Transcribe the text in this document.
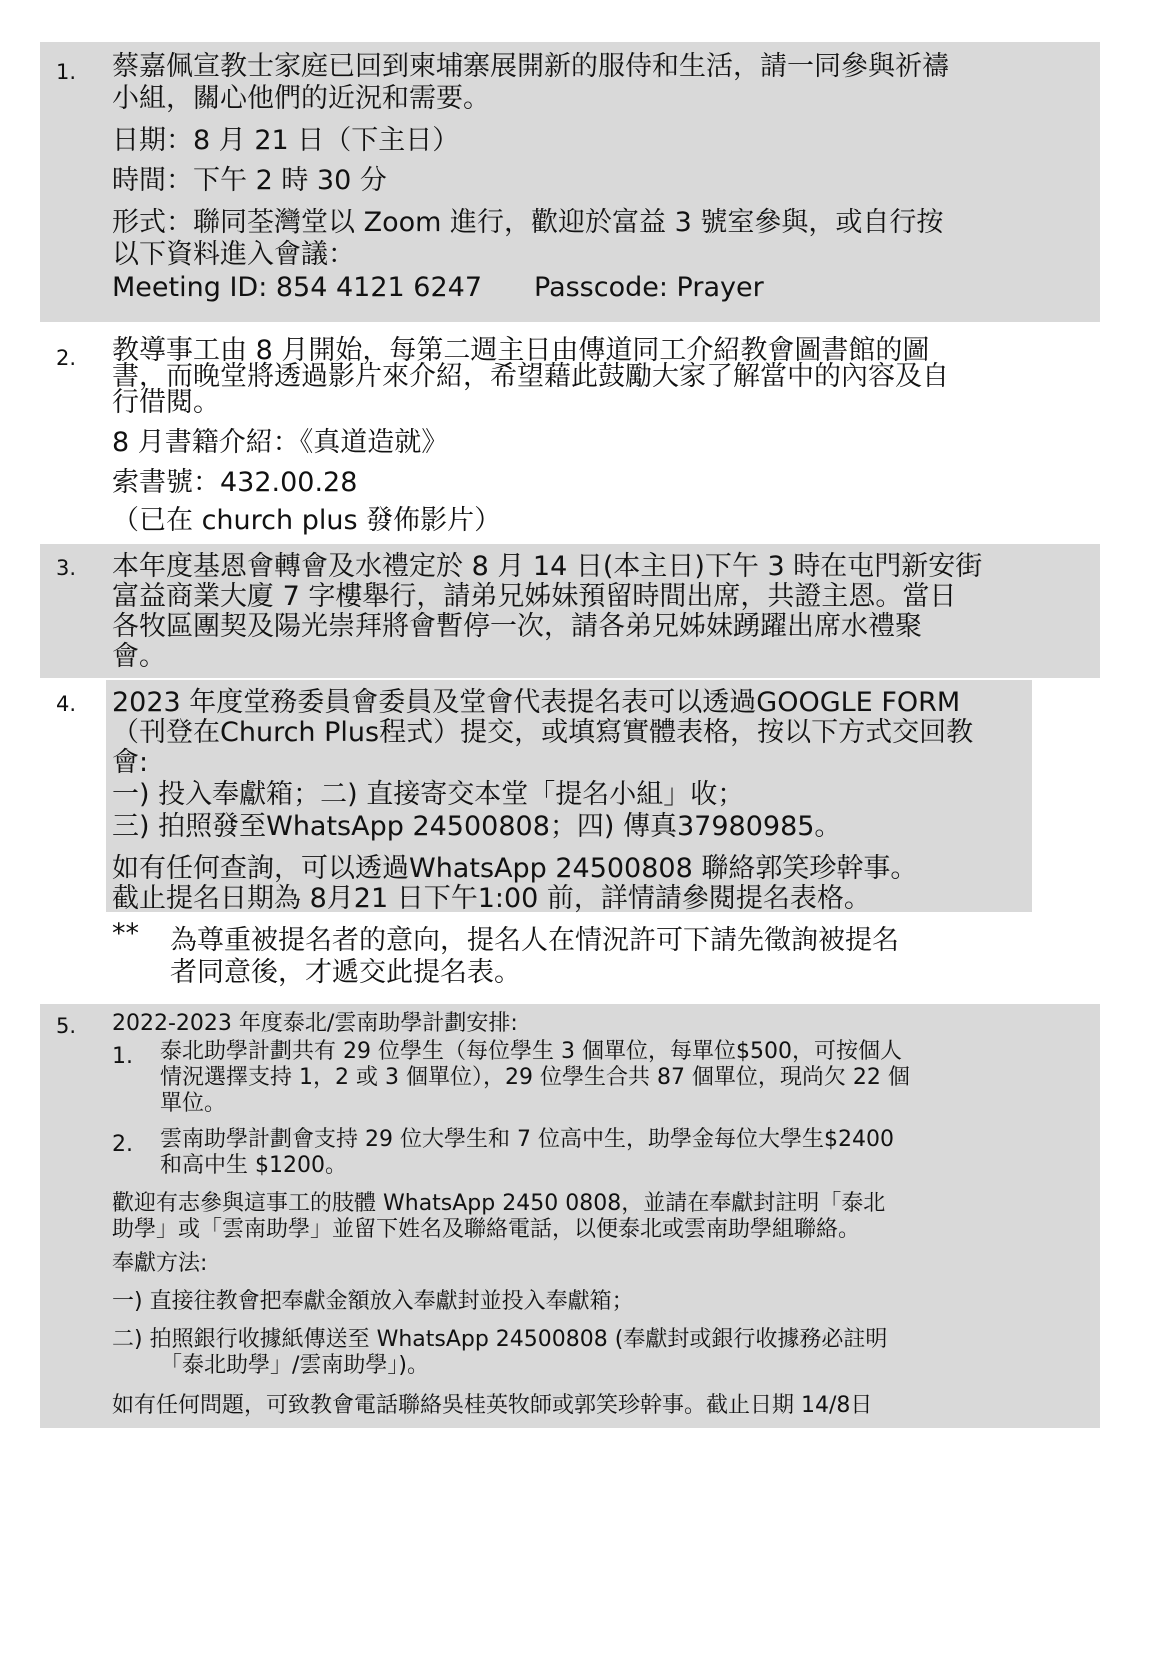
1. 蔡嘉佩宣教士家庭已回到柬埔寨展開新的服侍和生活，請一同參與祈禱
小組，關心他們的近況和需要。
日期：8 月 21 日（下主日）
時間：下午 2 時 30 分
形式：聯同荃灣堂以 Zoom 進行，歡迎於富益 3 號室參與，或自行按
以下資料進入會議：
Meeting ID: 854 4121 6247 Passcode: Prayer
2. 教導事工由 8 月開始，每第二週主日由傳道同工介紹教會圖書館的圖
書，而晚堂將透過影片來介紹，希望藉此鼓勵大家了解當中的內容及自
行借閱。
8 月書籍介紹：《真道造就》
索書號：432.00.28
（已在 church plus 發佈影片）
3. 本年度基恩會轉會及水禮定於 8 月 14 日(本主日)下午 3 時在屯門新安街
富益商業大廈 7 字樓舉行，請弟兄姊妹預留時間出席，共證主恩。當日
各牧區團契及陽光崇拜將會暫停一次，請各弟兄姊妹踴躍出席水禮聚
會。
4. 2023 年度堂務委員會委員及堂會代表提名表可以透過GOOGLE FORM
（刊登在Church Plus程式）提交，或填寫實體表格，按以下方式交回教
會:
一) 投入奉獻箱；二) 直接寄交本堂「提名小組」收；
三) 拍照發至WhatsApp 24500808；四) 傳真37980985。
如有任何查詢，可以透過WhatsApp 24500808 聯絡郭笑珍幹事。
截止提名日期為 8月21 日下午1:00 前，詳情請參閱提名表格。
** 為尊重被提名者的意向，提名人在情況許可下請先徵詢被提名
者同意後，才遞交此提名表。
5. 2022-2023 年度泰北/雲南助學計劃安排:
1. 泰北助學計劃共有 29 位學生（每位學生 3 個單位，每單位$500，可按個人
情況選擇支持 1，2 或 3 個單位），29 位學生合共 87 個單位，現尚欠 22 個
單位。
2. 雲南助學計劃會支持 29 位大學生和 7 位高中生，助學金每位大學生$2400
和高中生 $1200。
歡迎有志參與這事工的肢體 WhatsApp 2450 0808，並請在奉獻封註明「泰北
助學」或「雲南助學」並留下姓名及聯絡電話，以便泰北或雲南助學組聯絡。
奉獻方法:
一) 直接往教會把奉獻金額放入奉獻封並投入奉獻箱；
二) 拍照銀行收據紙傳送至 WhatsApp 24500808 (奉獻封或銀行收據務必註明
「泰北助學」/雲南助學」)。
如有任何問題，可致教會電話聯絡吳桂英牧師或郭笑珍幹事。截止日期 14/8日
